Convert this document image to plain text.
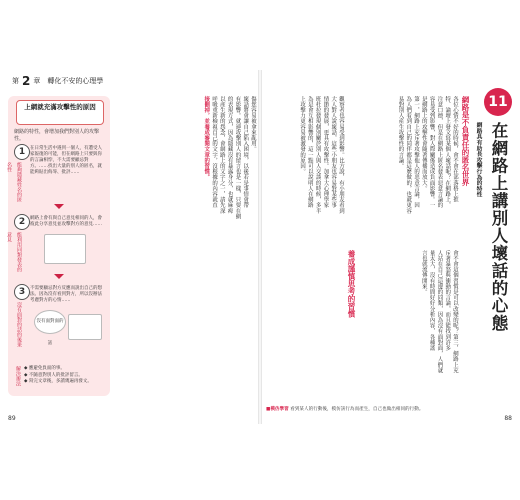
第 2 章 轉化不安的心理學
上網就充滿攻擊性的原因
網路的特性，會增加我們對別人的攻擊性。
1
能夠隱藏姓名的匿名性
在日常生活中遇到一個人，有遭受人家報復的可能，但在網路上只要與你的言論相悖，不大需要顧忌對方。……找出大量的別人的匿名，就能夠貼出侮辱、批評……
2
能利用同類發表的意見
網路上會有與自己意見相同的人，會彼此分享意見並攻擊對方的意見……
3
沒有面對的話的後果
不需要顧忌對方反應而說出自己的想法。因為沒有看到對方，所以沒辦法考慮對方的心情……
沒有面對面的話
解決辦法 ◆ 應避免負面的事。
◆ 不隨意對別人的批評留言。
◆ 寫完文章後，多讀幾遍再發文。

傷您容易被拿來亂用。

壞話將會讓自己陷入困境，以後若是事情會帶

有影響。就連攻擊別人的留言也是一樣，只要在網

的表現方式，因為隱藏沒有暴露身分，也就麻痺

以產生新的怨念，會網路上的文字之一，請先深

呼吸重新檢視自己的文字，沒根據的內容就直

接刪掉，並養成審閱文章的習慣。

89
11
在網路上講別人壞話的心態
網路具有助長攻擊行為的特性
網路是不負責任的匿名世界
養成謹慎思考的習慣

各位心情不好的時候，會不會在部落格上推

特、論壇上發文寫某個人壞話呢？在網路上，

注意口德，但是在網路上匿名發表惡意言論的

容易受到影響，對人際關係造成負面影響。一

是網路上的攻擊性會隨著傳播而放大。

第一，網路上充斥著攻擊他人的惡意言論，因

為人們看到自己的同伴都是這麼做的，也就更容

易對別人產生攻擊性的言論。

會不會這個習慣是可以改變的呢？第三，網路上充

斥著暴怒與衝動的言論，而且能找到許多

人站在自己這邊的同類，因為沒有面對面，人們就

量太大，沒有時間好好分析內容，各種謠

言也就流傳開來。

觀察者也容易受到影響。比方說，有小朋友看到

大人對人說壞話，這些小朋友也容易對某些事

情節的發展，更具有攻擊性。加拿大心理學家

班杜拉發現個別關於別人與人交談的時候，多半

為是會互相影響的，這一點可以說明人在網路

上攻擊力更容易被激發的原因。

■模仿學習 看到某人的行動後，模仿該行為而產生，自己也做出相同的行動。
88
